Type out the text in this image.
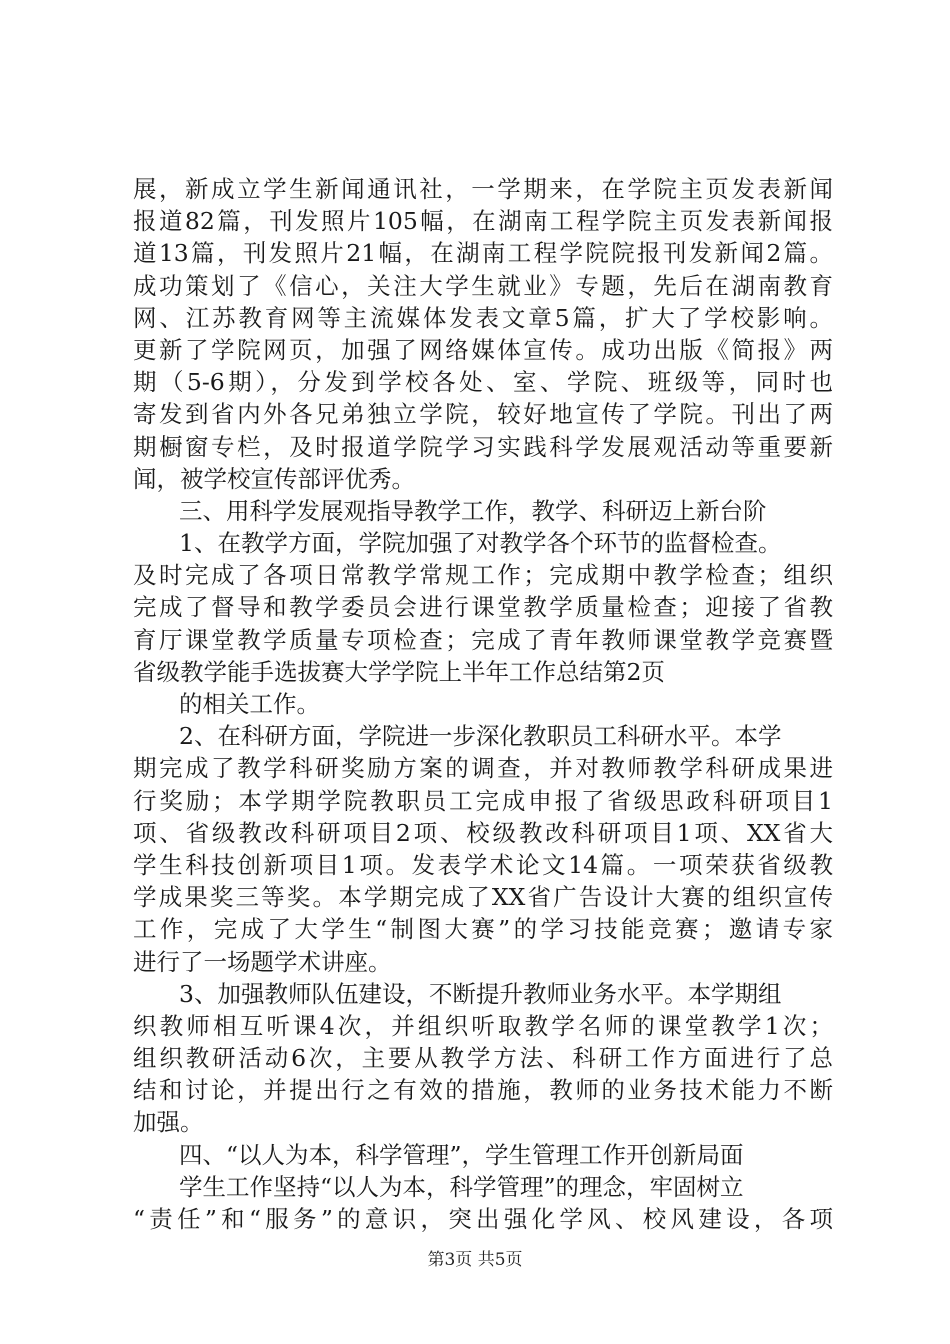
展，新成立学生新闻通讯社，一学期来，在学院主页发表新闻
报道82篇，刊发照片105幅，在湖南工程学院主页发表新闻报
道13篇，刊发照片21幅，在湖南工程学院院报刊发新闻2篇。
成功策划了《信心，关注大学生就业》专题，先后在湖南教育
网、江苏教育网等主流媒体发表文章5篇，扩大了学校影响。
更新了学院网页，加强了网络媒体宣传。成功出版《简报》两
期（5-6期），分发到学校各处、室、学院、班级等，同时也
寄发到省内外各兄弟独立学院，较好地宣传了学院。刊出了两
期橱窗专栏，及时报道学院学习实践科学发展观活动等重要新
闻，被学校宣传部评优秀。
三、用科学发展观指导教学工作，教学、科研迈上新台阶
1、在教学方面，学院加强了对教学各个环节的监督检查。
及时完成了各项日常教学常规工作；完成期中教学检查；组织
完成了督导和教学委员会进行课堂教学质量检查；迎接了省教
育厅课堂教学质量专项检查；完成了青年教师课堂教学竞赛暨
省级教学能手选拔赛大学学院上半年工作总结第2页
的相关工作。
2、在科研方面，学院进一步深化教职员工科研水平。本学
期完成了教学科研奖励方案的调查，并对教师教学科研成果进
行奖励；本学期学院教职员工完成申报了省级思政科研项目1
项、省级教改科研项目2项、校级教改科研项目1项、XX省大
学生科技创新项目1项。发表学术论文14篇。一项荣获省级教
学成果奖三等奖。本学期完成了XX省广告设计大赛的组织宣传
工作，完成了大学生“制图大赛”的学习技能竞赛；邀请专家
进行了一场题学术讲座。
3、加强教师队伍建设，不断提升教师业务水平。本学期组
织教师相互听课4次，并组织听取教学名师的课堂教学1次；
组织教研活动6次，主要从教学方法、科研工作方面进行了总
结和讨论，并提出行之有效的措施，教师的业务技术能力不断
加强。
四、“以人为本，科学管理”，学生管理工作开创新局面
学生工作坚持“以人为本，科学管理”的理念，牢固树立
“责任”和“服务”的意识，突出强化学风、校风建设，各项
第3页 共5页
